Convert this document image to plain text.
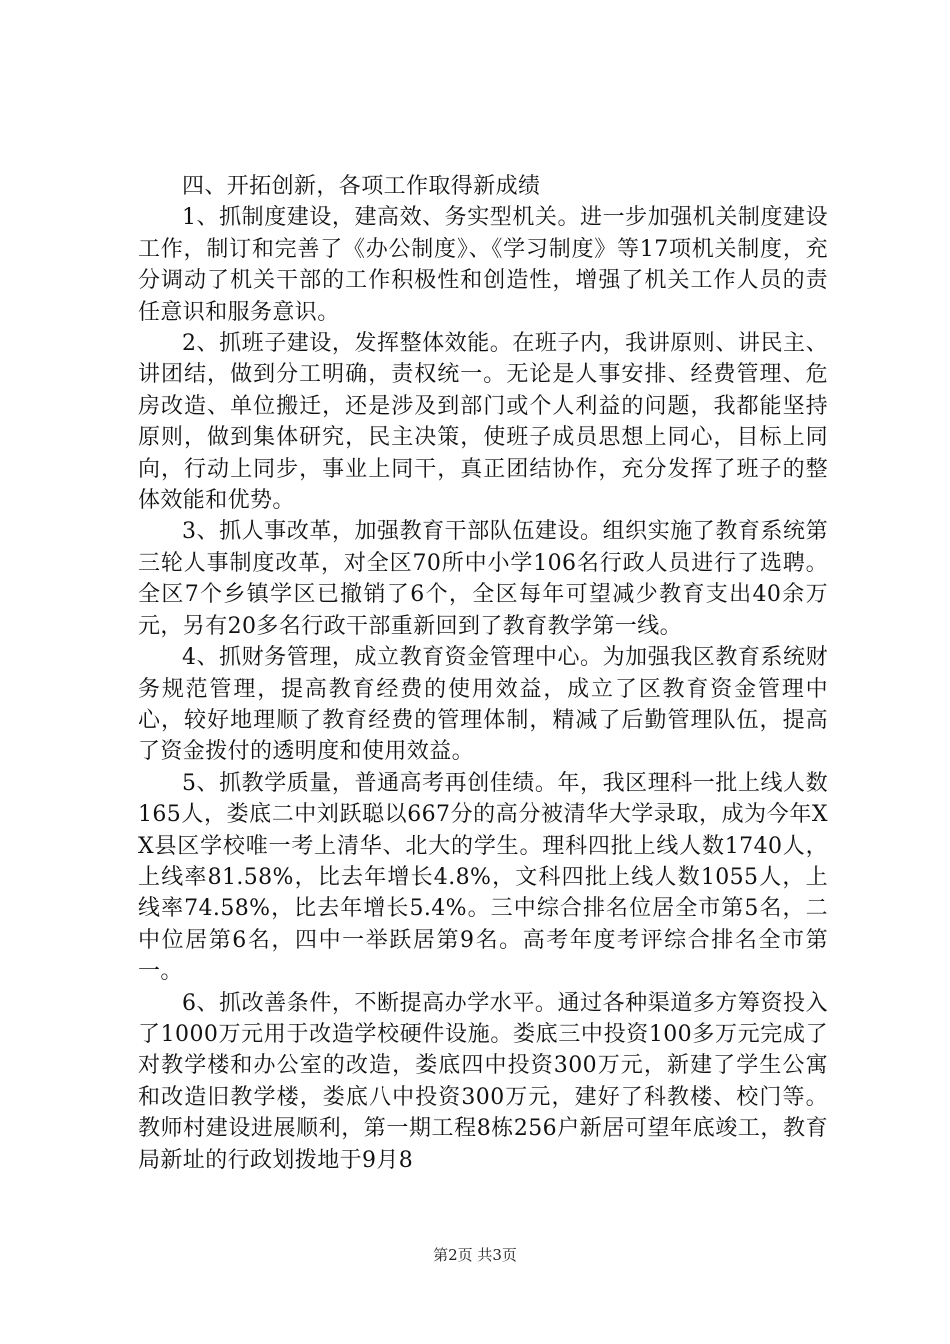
四、开拓创新，各项工作取得新成绩

1、抓制度建设，建高效、务实型机关。进一步加强机关制度建设工作，制订和完善了《办公制度》、《学习制度》等17项机关制度，充分调动了机关干部的工作积极性和创造性，增强了机关工作人员的责任意识和服务意识。

2、抓班子建设，发挥整体效能。在班子内，我讲原则、讲民主、讲团结，做到分工明确，责权统一。无论是人事安排、经费管理、危房改造、单位搬迁，还是涉及到部门或个人利益的问题，我都能坚持原则，做到集体研究，民主决策，使班子成员思想上同心，目标上同向，行动上同步，事业上同干，真正团结协作，充分发挥了班子的整体效能和优势。

3、抓人事改革，加强教育干部队伍建设。组织实施了教育系统第三轮人事制度改革，对全区70所中小学106名行政人员进行了选聘。全区7个乡镇学区已撤销了6个，全区每年可望减少教育支出40余万元，另有20多名行政干部重新回到了教育教学第一线。

4、抓财务管理，成立教育资金管理中心。为加强我区教育系统财务规范管理，提高教育经费的使用效益，成立了区教育资金管理中心，较好地理顺了教育经费的管理体制，精减了后勤管理队伍，提高了资金拨付的透明度和使用效益。

5、抓教学质量，普通高考再创佳绩。年，我区理科一批上线人数165人，娄底二中刘跃聪以667分的高分被清华大学录取，成为今年XX县区学校唯一考上清华、北大的学生。理科四批上线人数1740人，上线率81.58%，比去年增长4.8%，文科四批上线人数1055人，上线率74.58%，比去年增长5.4%。三中综合排名位居全市第5名，二中位居第6名，四中一举跃居第9名。高考年度考评综合排名全市第一。

6、抓改善条件，不断提高办学水平。通过各种渠道多方筹资投入了1000万元用于改造学校硬件设施。娄底三中投资100多万元完成了对教学楼和办公室的改造，娄底四中投资300万元，新建了学生公寓和改造旧教学楼，娄底八中投资300万元，建好了科教楼、校门等。教师村建设进展顺利，第一期工程8栋256户新居可望年底竣工，教育局新址的行政划拨地于9月8

第2页 共3页
